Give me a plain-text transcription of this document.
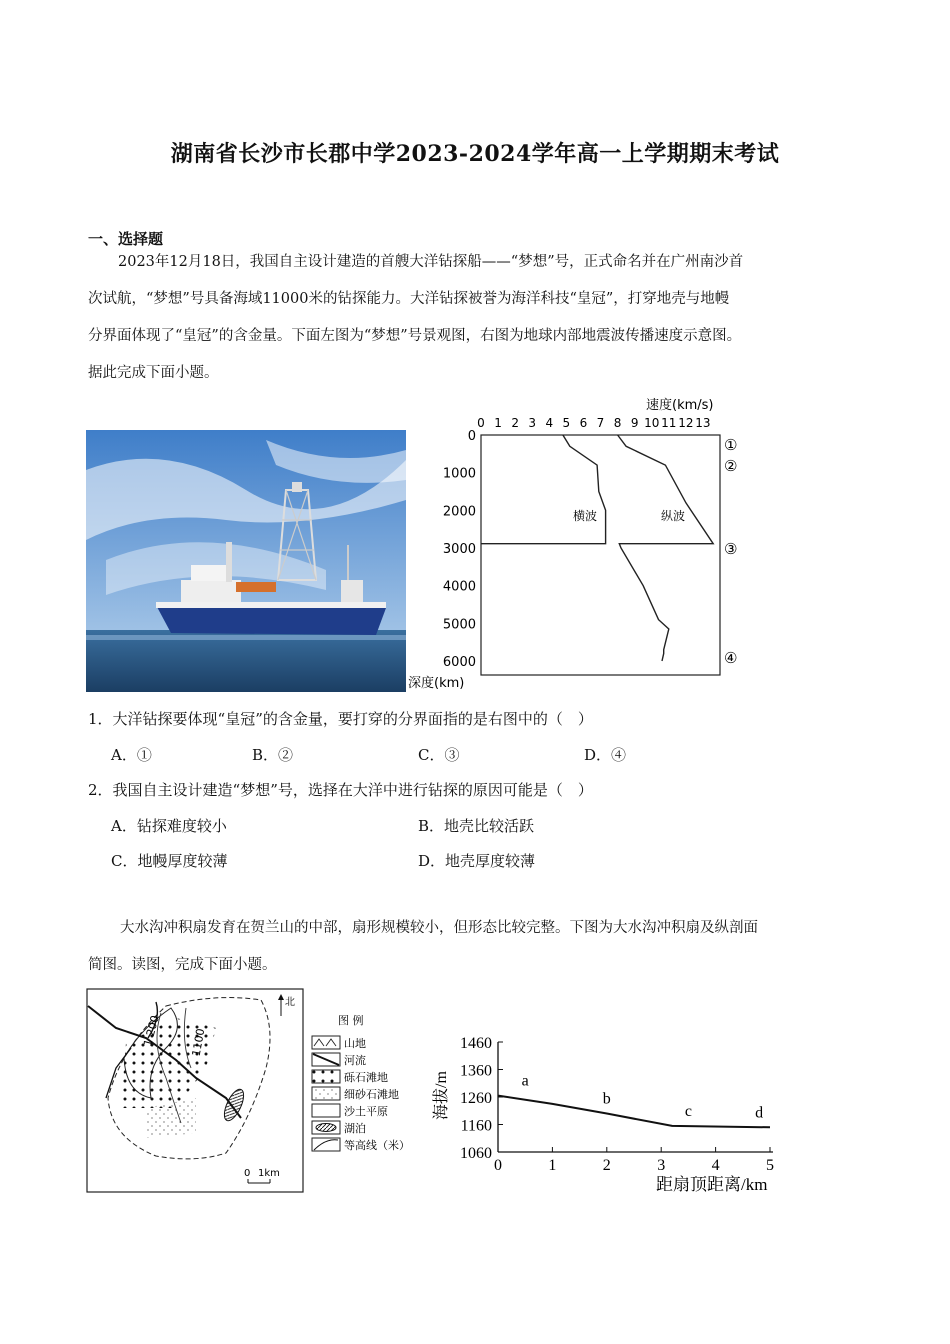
湖南省长沙市长郡中学2023-2024学年高一上学期期末考试
一、选择题
2023年12月18日，我国自主设计建造的首艘大洋钻探船——“梦想”号，正式命名并在广州南沙首
次试航，“梦想”号具备海域11000米的钻探能力。大洋钻探被誉为海洋科技“皇冠”，打穿地壳与地幔
分界面体现了“皇冠”的含金量。下面左图为“梦想”号景观图，右图为地球内部地震波传播速度示意图。
据此完成下面小题。
速度(km/s)
0 1 2 3 4 5 6 7 8 9 10 11 12 13
0
1000
2000
3000
4000
5000
6000
横波	纵波
①
②
③
④
深度(km)
1．大洋钻探要体现“皇冠”的含金量，要打穿的分界面指的是右图中的（　）
A．①	B．②	C．③	D．④
2．我国自主设计建造“梦想”号，选择在大洋中进行钻探的原因可能是（　）
A．钻探难度较小	B．地壳比较活跃
C．地幔厚度较薄	D．地壳厚度较薄
大水沟冲积扇发育在贺兰山的中部，扇形规模较小，但形态比较完整。下图为大水沟冲积扇及纵剖面
简图。读图，完成下面小题。
1 200	1100
北
0 1km
图 例
山地
河流
砾石滩地
细砂石滩地
沙土平原
湖泊
等高线（米）
海拔/m
1460
1360
1260
1160
1060
0	1	2	3	4	5
a
b
c	d
距扇顶距离/km
